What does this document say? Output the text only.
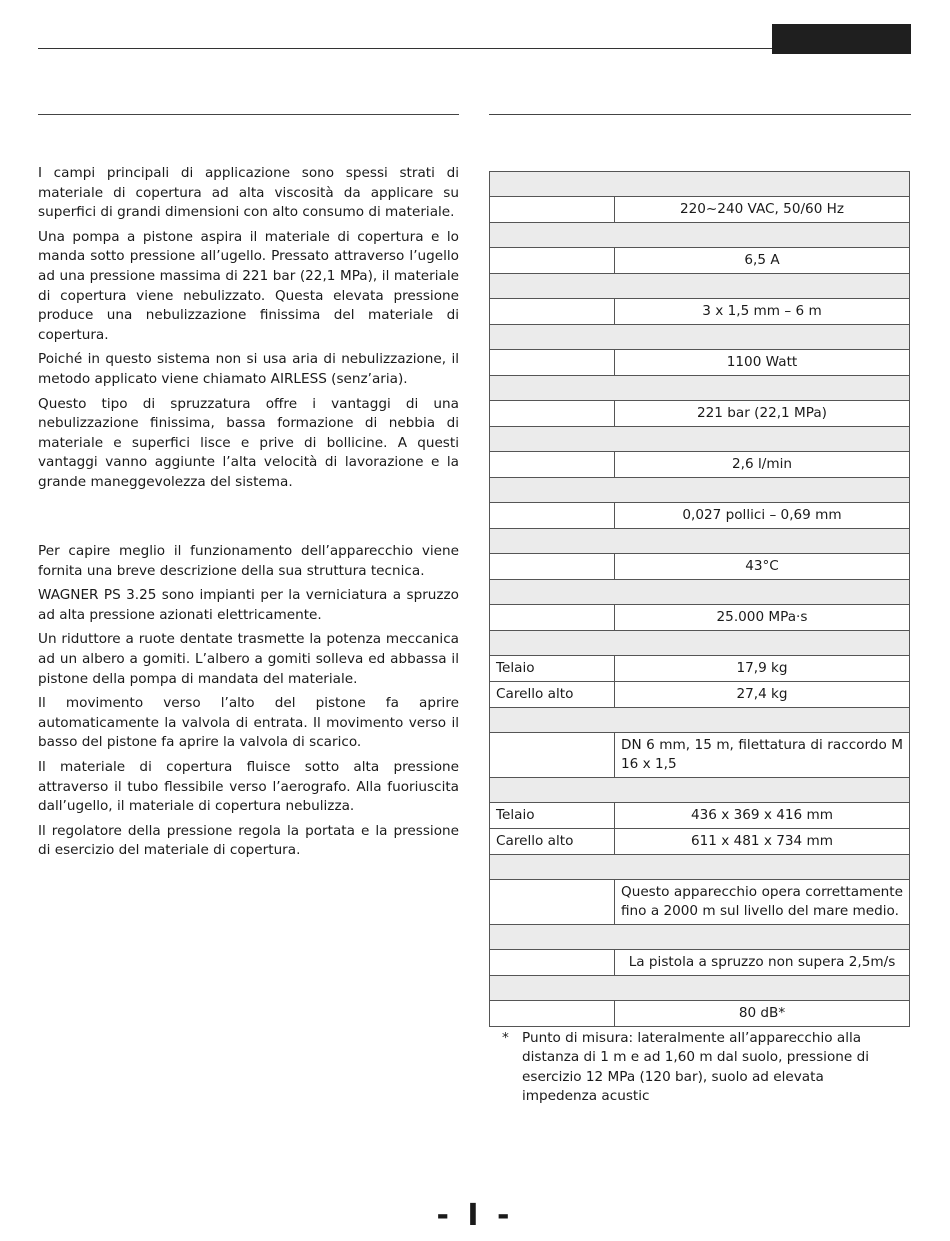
I campi principali di applicazione sono spessi strati di materiale di copertura ad alta viscosità da applicare su superfici di grandi dimensioni con alto consumo di materiale.

Una pompa a pistone aspira il materiale di copertura e lo manda sotto pressione all’ugello. Pressato attraverso l’ugello ad una pressione massima di 221 bar (22,1 MPa), il materiale di copertura viene nebulizzato. Questa elevata pressione produce una nebulizzazione finissima del materiale di copertura.

Poiché in questo sistema non si usa aria di nebulizzazione, il metodo applicato viene chiamato AIRLESS (senz’aria).

Questo tipo di spruzzatura offre i vantaggi di una nebulizzazione finissima, bassa formazione di nebbia di materiale e superfici lisce e prive di bollicine. A questi vantaggi vanno aggiunte l’alta velocità di lavorazione e la grande maneggevolezza del sistema.

Per capire meglio il funzionamento dell’apparecchio viene fornita una breve descrizione della sua struttura tecnica.

WAGNER PS 3.25 sono impianti per la verniciatura a spruzzo ad alta pressione azionati elettricamente.

Un riduttore a ruote dentate trasmette la potenza meccanica ad un albero a gomiti. L’albero a gomiti solleva ed abbassa il pistone della pompa di mandata del materiale.

Il movimento verso l’alto del pistone fa aprire automaticamente la valvola di entrata. Il movimento verso il basso del pistone fa aprire la valvola di scarico.

Il materiale di copertura fluisce sotto alta pressione attraverso il tubo flessibile verso l’aerografo. Alla fuoriuscita dall’ugello, il materiale di copertura nebulizza.

Il regolatore della pressione regola la portata e la pressione di esercizio del materiale di copertura.

220~240 VAC, 50/60 Hz
6,5 A
3 x 1,5 mm – 6 m
1100 Watt
221 bar (22,1 MPa)
2,6 l/min
0,027 pollici – 0,69 mm
43°C
25.000 MPa·s
Telaio	17,9 kg
Carello alto	27,4 kg
DN 6 mm, 15 m, filettatura di raccordo M 16 x 1,5
Telaio	436 x 369 x 416 mm
Carello alto	611 x 481 x 734 mm
Questo apparecchio opera correttamente fino a 2000 m sul livello del mare medio.
La pistola a spruzzo non supera 2,5m/s
80 dB*
* Punto di misura: lateralmente all’apparecchio alla distanza di 1 m e ad 1,60 m dal suolo, pressione di esercizio 12 MPa (120 bar), suolo ad elevata impedenza acustic
- I -
